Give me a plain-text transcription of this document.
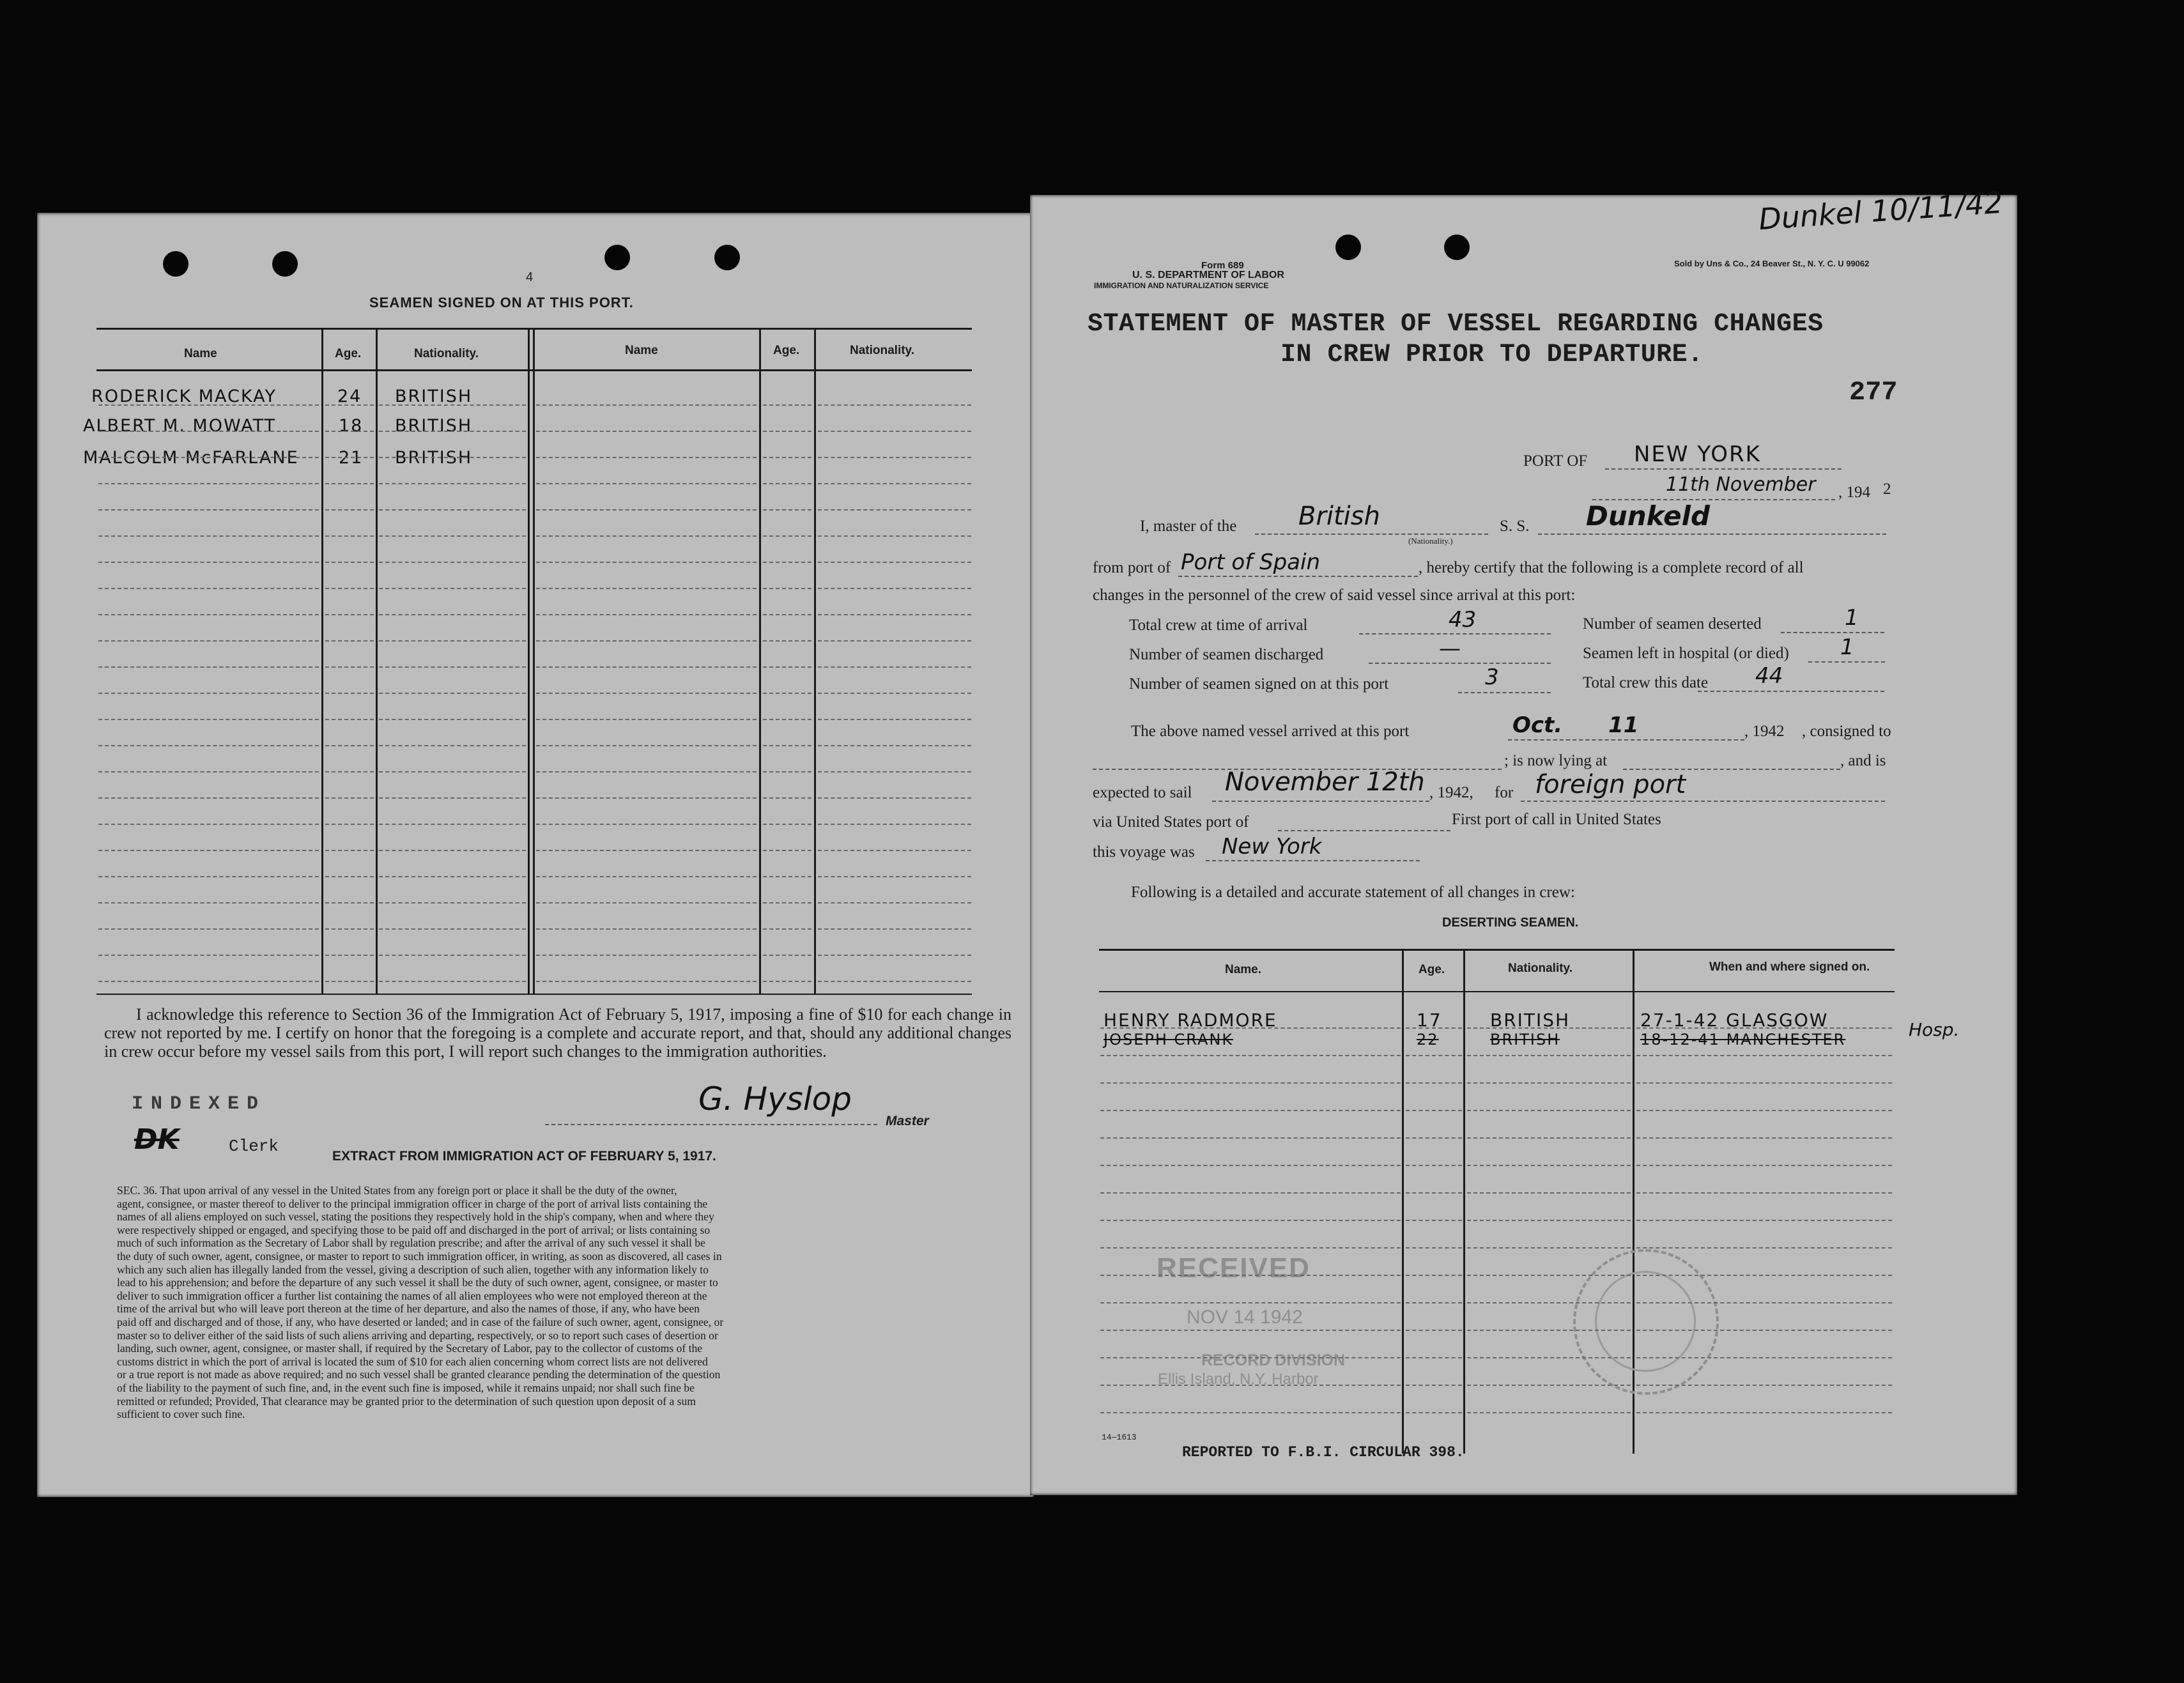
4
SEAMEN SIGNED ON AT THIS PORT.
Name	Age.	Nationality.	Name	Age.	Nationality.
RODERICK MACKAY	24 BRITISH
ALBERT M. MOWATT	18 BRITISH
MALCOLM McFARLANE 21 BRITISH
I acknowledge this reference to Section 36 of the Immigration Act of February 5, 1917, imposing a fine of $10 for each change in crew not reported by me. I certify on honor that the foregoing is a complete and accurate report, and that, should any additional changes in crew occur before my vessel sails from this port, I will report such changes to the immigration authorities.
INDEXED
DK	Clerk
G. Hyslop
Master
EXTRACT FROM IMMIGRATION ACT OF FEBRUARY 5, 1917.
SEC. 36. That upon arrival of any vessel in the United States from any foreign port or place it shall be the duty of the owner,
agent, consignee, or master thereof to deliver to the principal immigration officer in charge of the port of arrival lists containing the
names of all aliens employed on such vessel, stating the positions they respectively hold in the ship's company, when and where they
were respectively shipped or engaged, and specifying those to be paid off and discharged in the port of arrival; or lists containing so
much of such information as the Secretary of Labor shall by regulation prescribe; and after the arrival of any such vessel it shall be
the duty of such owner, agent, consignee, or master to report to such immigration officer, in writing, as soon as discovered, all cases in
which any such alien has illegally landed from the vessel, giving a description of such alien, together with any information likely to
lead to his apprehension; and before the departure of any such vessel it shall be the duty of such owner, agent, consignee, or master to
deliver to such immigration officer a further list containing the names of all alien employees who were not employed thereon at the
time of the arrival but who will leave port thereon at the time of her departure, and also the names of those, if any, who have been
paid off and discharged and of those, if any, who have deserted or landed; and in case of the failure of such owner, agent, consignee, or
master so to deliver either of the said lists of such aliens arriving and departing, respectively, or so to report such cases of desertion or
landing, such owner, agent, consignee, or master shall, if required by the Secretary of Labor, pay to the collector of customs of the
customs district in which the port of arrival is located the sum of $10 for each alien concerning whom correct lists are not delivered
or a true report is not made as above required; and no such vessel shall be granted clearance pending the determination of the question
of the liability to the payment of such fine, and, in the event such fine is imposed, while it remains unpaid; nor shall such fine be
remitted or refunded; Provided, That clearance may be granted prior to the determination of such question upon deposit of a sum
sufficient to cover such fine.
Dunkel 10/11/42
Form 689
U. S. DEPARTMENT OF LABOR
IMMIGRATION AND NATURALIZATION SERVICE
Sold by Uns & Co., 24 Beaver St., N. Y. C. U 99062
STATEMENT OF MASTER OF VESSEL REGARDING CHANGES
IN CREW PRIOR TO DEPARTURE.
277
PORT OF NEW YORK
11th November , 194 2
I, master of the British
(Nationality.)
S. S. Dunkeld
from port of Port of Spain	, hereby certify that the following is a complete record of all
changes in the personnel of the crew of said vessel since arrival at this port:
Total crew at time of arrival	43	Number of seamen deserted	1
Number of seamen discharged	—	Seamen left in hospital (or died) 1
Number of seamen signed on at this port	3	Total crew this date 44
The above named vessel arrived at this port	Oct. 11	, 1942 , consigned to
; is now lying at	, and is
expected to sail November 12th , 1942, for foreign port
via United States port of	First port of call in United States
this voyage was New York
Following is a detailed and accurate statement of all changes in crew:
DESERTING SEAMEN.
Name.	Age.	Nationality.	When and where signed on.
HENRY RADMORE	17	BRITISH	27-1-42 GLASGOW
JOSEPH CRANK	22	BRITISH	18-12-41 MANCHESTER	Hosp.
RECEIVED
NOV 14 1942
RECORD DIVISION
Ellis Island, N.Y. Harbor
14—1613
REPORTED TO F.B.I. CIRCULAR 398.
